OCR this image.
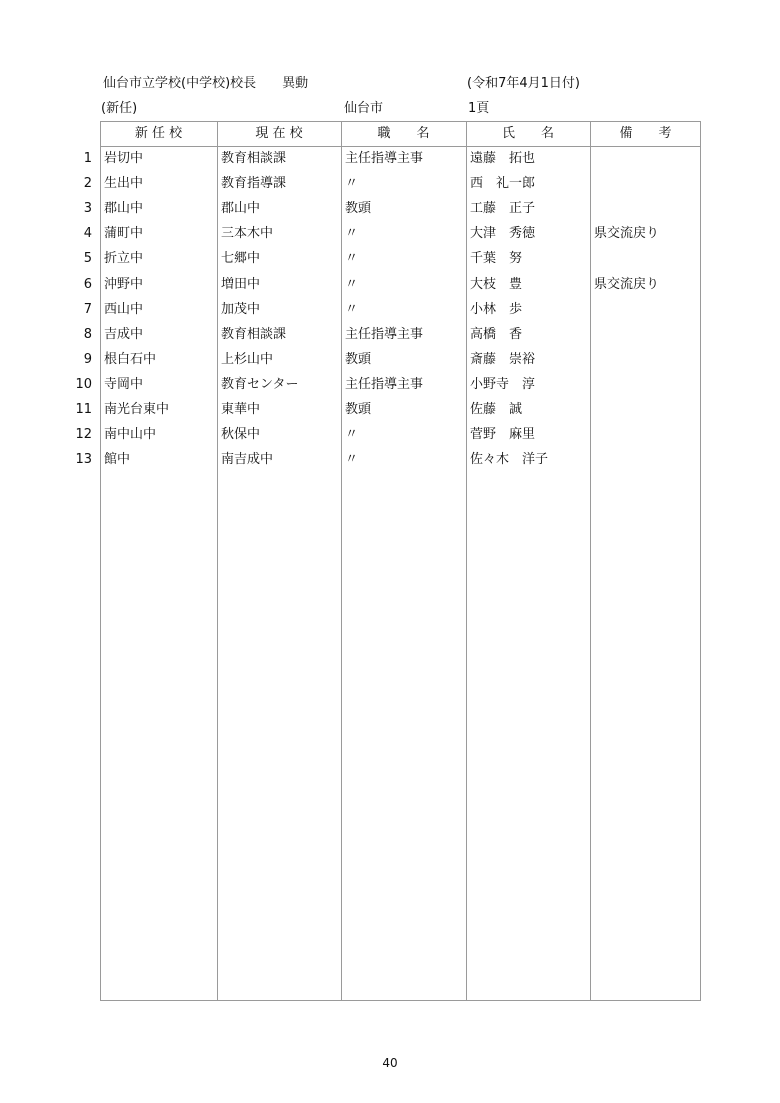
仙台市立学校(中学校)校長　　異動	(令和7年4月1日付)
(新任)	仙台市	1頁
新 任 校	現 在 校	職　　名	氏　　名	備　　考
1 岩切中	教育相談課	主任指導主事	遠藤　拓也
2 生出中	教育指導課	〃	西　礼一郎
3 郡山中	郡山中	教頭	工藤　正子
4 蒲町中	三本木中	〃	大津　秀徳	県交流戻り
5 折立中	七郷中	〃	千葉　努
6 沖野中	増田中	〃	大枝　豊	県交流戻り
7 西山中	加茂中	〃	小林　歩
8 吉成中	教育相談課	主任指導主事	高橋　香
9 根白石中	上杉山中	教頭	斎藤　崇裕
10 寺岡中	教育センター	主任指導主事	小野寺　淳
11 南光台東中	東華中	教頭	佐藤　誠
12 南中山中	秋保中	〃	菅野　麻里
13 館中	南吉成中	〃	佐々木　洋子
40
